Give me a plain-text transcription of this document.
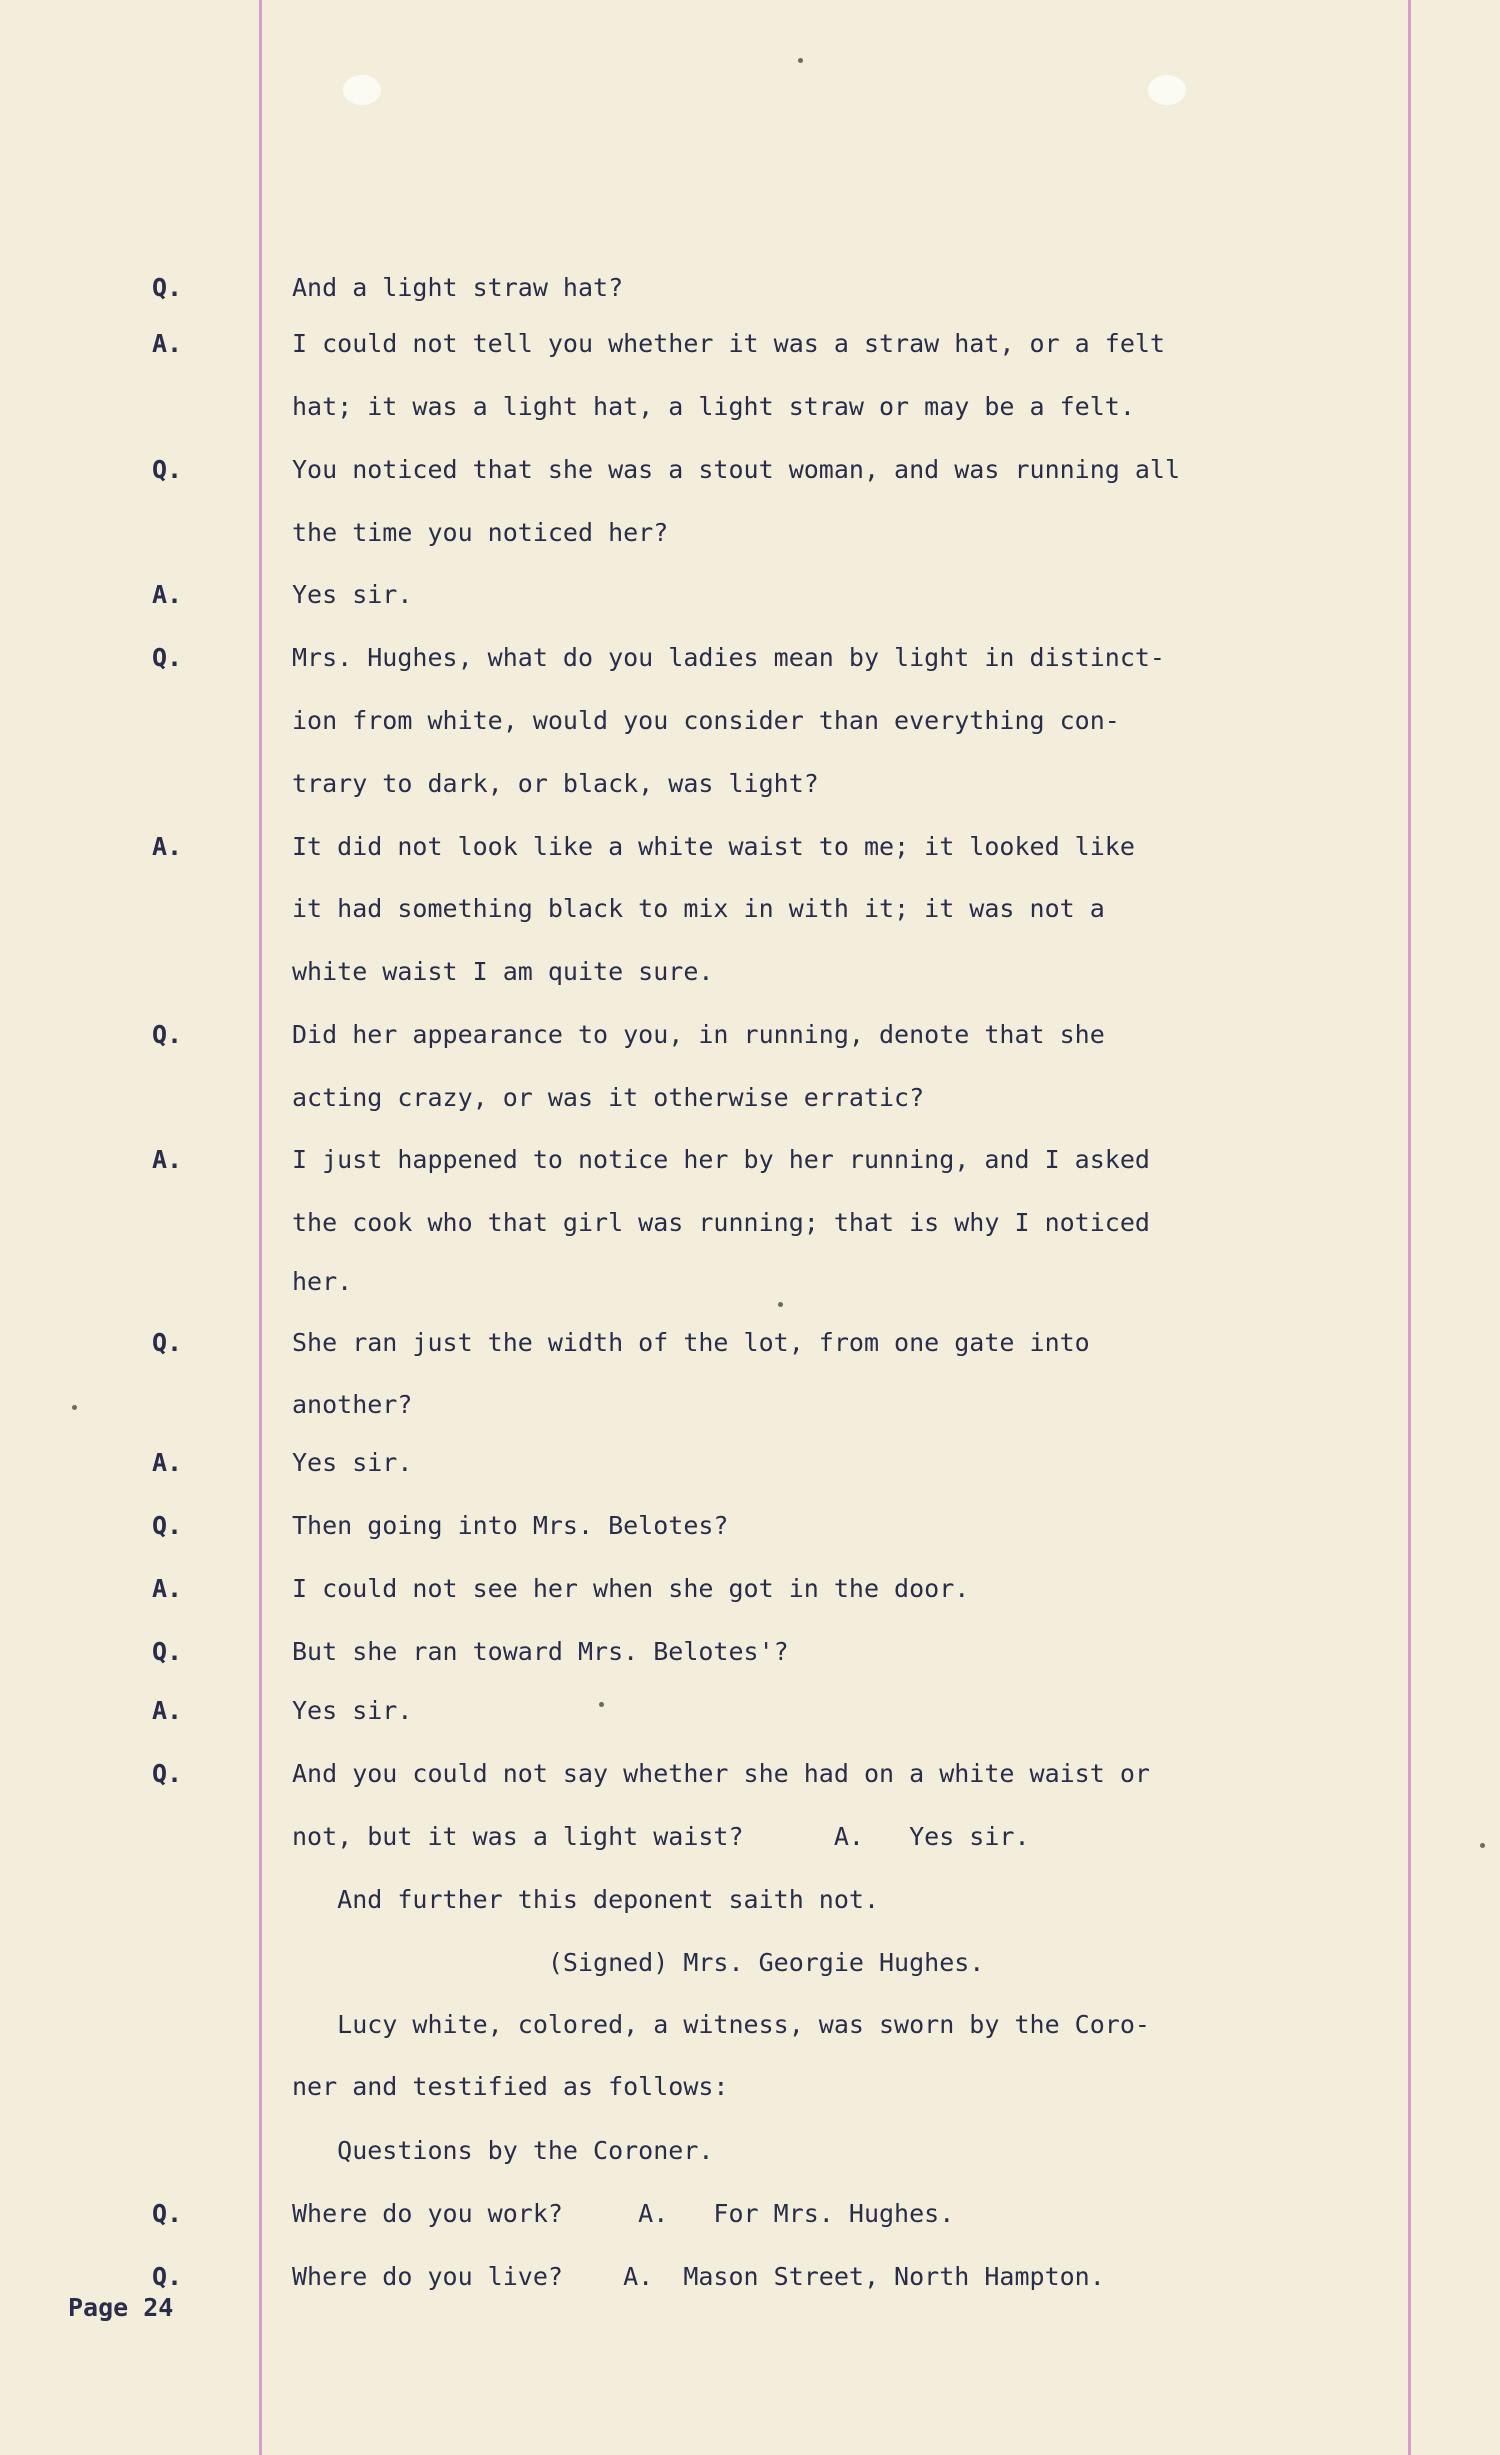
Q.	And a light straw hat?
A.	I could not tell you whether it was a straw hat, or a felt
hat; it was a light hat, a light straw or may be a felt.
Q.	You noticed that she was a stout woman, and was running all
the time you noticed her?
A.	Yes sir.
Q.	Mrs. Hughes, what do you ladies mean by light in distinct-
ion from white, would you consider than everything con-
trary to dark, or black, was light?
A.	It did not look like a white waist to me; it looked like
it had something black to mix in with it; it was not a
white waist I am quite sure.
Q.	Did her appearance to you, in running, denote that she
acting crazy, or was it otherwise erratic?
A.	I just happened to notice her by her running, and I asked
the cook who that girl was running; that is why I noticed
her.
Q.	She ran just the width of the lot, from one gate into
another?
A.	Yes sir.
Q.	Then going into Mrs. Belotes?
A.	I could not see her when she got in the door.
Q.	But she ran toward Mrs. Belotes'?
A.	Yes sir.
Q.	And you could not say whether she had on a white waist or
not, but it was a light waist?      A.   Yes sir.
And further this deponent saith not.
(Signed) Mrs. Georgie Hughes.
Lucy white, colored, a witness, was sworn by the Coro-
ner and testified as follows:
Questions by the Coroner.
Q.	Where do you work?     A.   For Mrs. Hughes.
Q.	Where do you live?    A.  Mason Street, North Hampton.
Page 24
